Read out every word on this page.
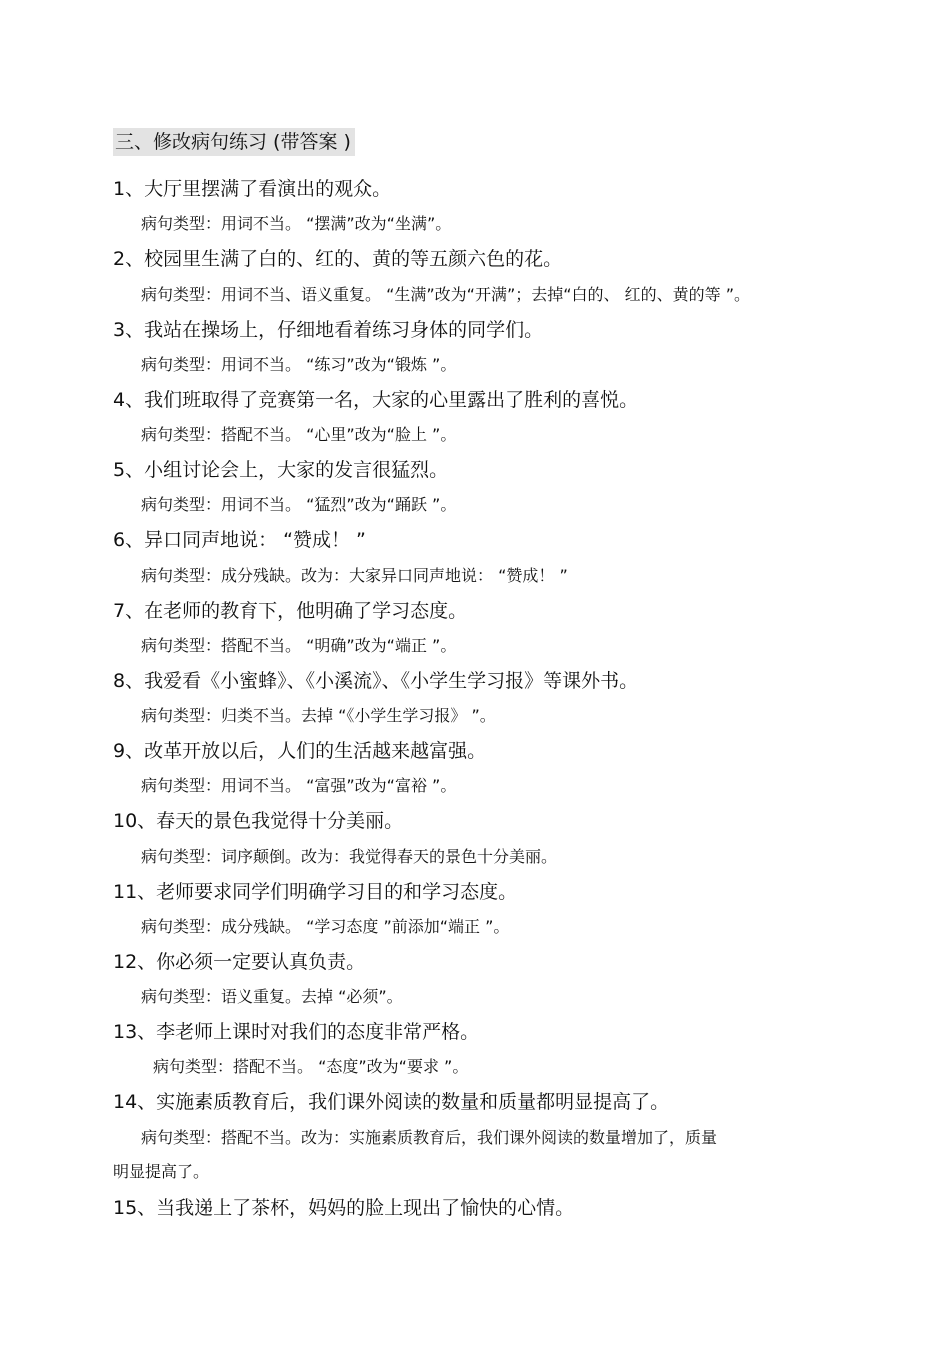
三、修改病句练习 (带答案 )
1、大厅里摆满了看演出的观众。
病句类型：用词不当。 “摆满”改为“坐满”。
2、校园里生满了白的、红的、黄的等五颜六色的花。
病句类型：用词不当、语义重复。 “生满”改为“开满”；去掉“白的、 红的、黄的等 ”。
3、我站在操场上，仔细地看着练习身体的同学们。
病句类型：用词不当。 “练习”改为“锻炼 ”。
4、我们班取得了竞赛第一名，大家的心里露出了胜利的喜悦。
病句类型：搭配不当。 “心里”改为“脸上 ”。
5、小组讨论会上，大家的发言很猛烈。
病句类型：用词不当。 “猛烈”改为“踊跃 ”。
6、异口同声地说： “赞成！ ”
病句类型：成分残缺。改为：大家异口同声地说： “赞成！ ”
7、在老师的教育下，他明确了学习态度。
病句类型：搭配不当。 “明确”改为“端正 ”。
8、我爱看《小蜜蜂》、《小溪流》、《小学生学习报》等课外书。
病句类型：归类不当。去掉 “《小学生学习报》 ”。
9、改革开放以后，人们的生活越来越富强。
病句类型：用词不当。 “富强”改为“富裕 ”。
10、春天的景色我觉得十分美丽。
病句类型：词序颠倒。改为：我觉得春天的景色十分美丽。
11、老师要求同学们明确学习目的和学习态度。
病句类型：成分残缺。 “学习态度 ”前添加“端正 ”。
12、你必须一定要认真负责。
病句类型：语义重复。去掉 “必须”。
13、李老师上课时对我们的态度非常严格。
病句类型：搭配不当。 “态度”改为“要求 ”。
14、实施素质教育后，我们课外阅读的数量和质量都明显提高了。
病句类型：搭配不当。改为：实施素质教育后，我们课外阅读的数量增加了，质量
明显提高了。
15、当我递上了茶杯，妈妈的脸上现出了愉快的心情。
